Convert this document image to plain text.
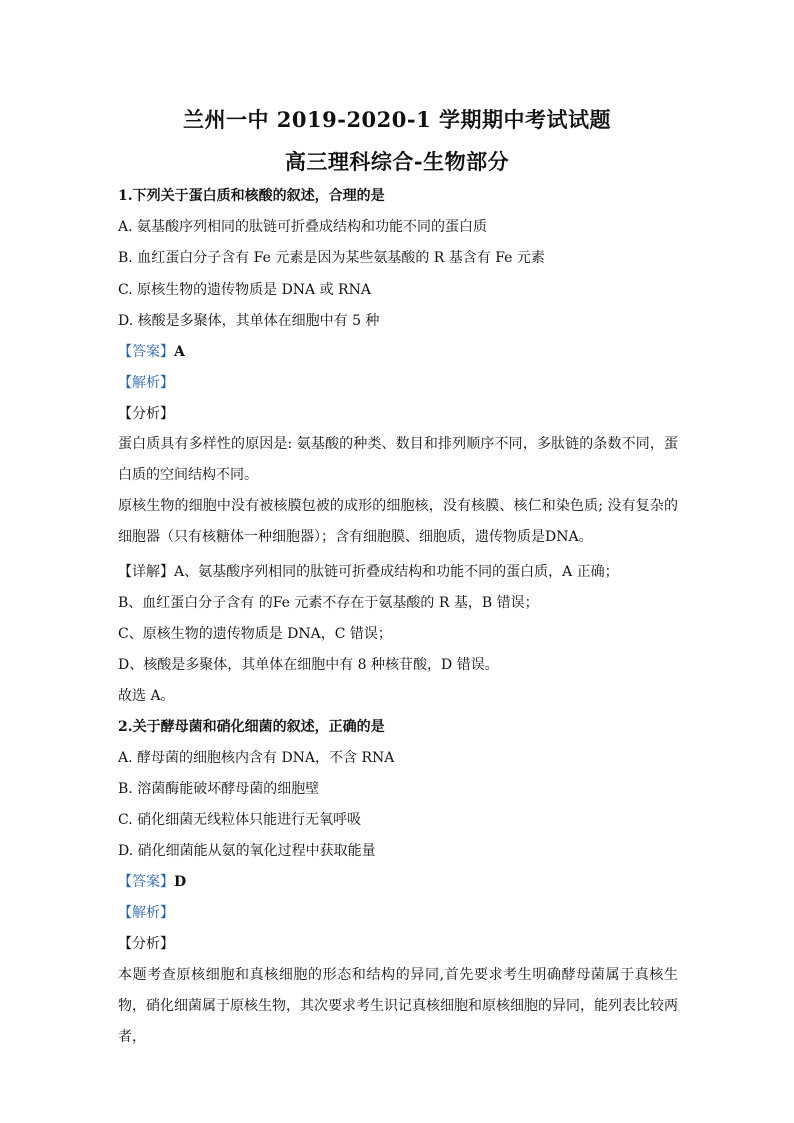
兰州一中 2019-2020-1 学期期中考试试题
高三理科综合-生物部分
1.下列关于蛋白质和核酸的叙述，合理的是
A. 氨基酸序列相同的肽链可折叠成结构和功能不同的蛋白质
B. 血红蛋白分子含有 Fe 元素是因为某些氨基酸的 R 基含有 Fe 元素
C. 原核生物的遗传物质是 DNA 或 RNA
D. 核酸是多聚体，其单体在细胞中有 5 种
【答案】A
【解析】
【分析】
蛋白质具有多样性的原因是: 氨基酸的种类、数目和排列顺序不同，多肽链的条数不同，蛋白质的空间结构不同。
原核生物的细胞中没有被核膜包被的成形的细胞核，没有核膜、核仁和染色质; 没有复杂的细胞器（只有核糖体一种细胞器）；含有细胞膜、细胞质，遗传物质是DNA。
【详解】A、氨基酸序列相同的肽链可折叠成结构和功能不同的蛋白质，A 正确；
B、血红蛋白分子含有 的Fe 元素不存在于氨基酸的 R 基，B 错误；
C、原核生物的遗传物质是 DNA，C 错误；
D、核酸是多聚体，其单体在细胞中有 8 种核苷酸，D 错误。
故选 A。
2.关于酵母菌和硝化细菌的叙述，正确的是
A. 酵母菌的细胞核内含有 DNA，不含 RNA
B. 溶菌酶能破坏酵母菌的细胞壁
C. 硝化细菌无线粒体只能进行无氧呼吸
D. 硝化细菌能从氨的氧化过程中获取能量
【答案】D
【解析】
【分析】
本题考查原核细胞和真核细胞的形态和结构的异同,首先要求考生明确酵母菌属于真核生物，硝化细菌属于原核生物，其次要求考生识记真核细胞和原核细胞的异同，能列表比较两者，
